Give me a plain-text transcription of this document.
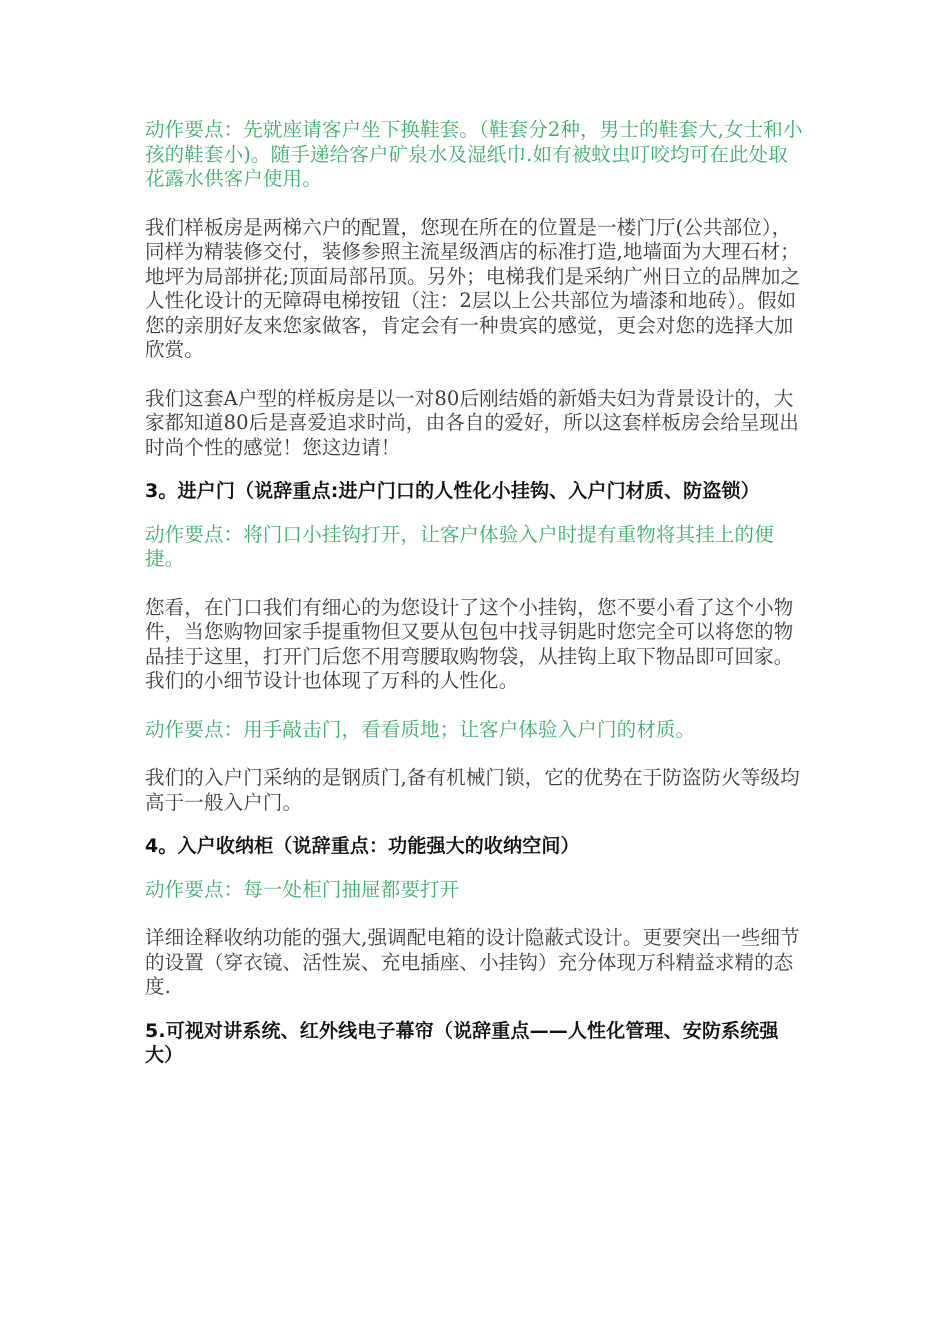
动作要点：先就座请客户坐下换鞋套。（鞋套分2种，男士的鞋套大,女士和小孩的鞋套小)。随手递给客户矿泉水及湿纸巾.如有被蚊虫叮咬均可在此处取花露水供客户使用。

我们样板房是两梯六户的配置，您现在所在的位置是一楼门厅(公共部位），同样为精装修交付，装修参照主流星级酒店的标准打造,地墙面为大理石材；地坪为局部拼花;顶面局部吊顶。另外；电梯我们是采纳广州日立的品牌加之人性化设计的无障碍电梯按钮（注：2层以上公共部位为墙漆和地砖）。假如您的亲朋好友来您家做客，肯定会有一种贵宾的感觉，更会对您的选择大加欣赏。

我们这套A户型的样板房是以一对80后刚结婚的新婚夫妇为背景设计的，大家都知道80后是喜爱追求时尚，由各自的爱好，所以这套样板房会给呈现出时尚个性的感觉！您这边请！

3。进户门（说辞重点:进户门口的人性化小挂钩、入户门材质、防盗锁）

动作要点：将门口小挂钩打开，让客户体验入户时提有重物将其挂上的便捷。

您看，在门口我们有细心的为您设计了这个小挂钩，您不要小看了这个小物件，当您购物回家手提重物但又要从包包中找寻钥匙时您完全可以将您的物品挂于这里，打开门后您不用弯腰取购物袋，从挂钩上取下物品即可回家。我们的小细节设计也体现了万科的人性化。

动作要点：用手敲击门，看看质地；让客户体验入户门的材质。

我们的入户门采纳的是钢质门,备有机械门锁，它的优势在于防盗防火等级均高于一般入户门。

4。入户收纳柜（说辞重点：功能强大的收纳空间）

动作要点：每一处柜门抽屉都要打开

详细诠释收纳功能的强大,强调配电箱的设计隐蔽式设计。更要突出一些细节的设置（穿衣镜、活性炭、充电插座、小挂钩）充分体现万科精益求精的态度.

5.可视对讲系统、红外线电子幕帘（说辞重点——人性化管理、安防系统强大）
